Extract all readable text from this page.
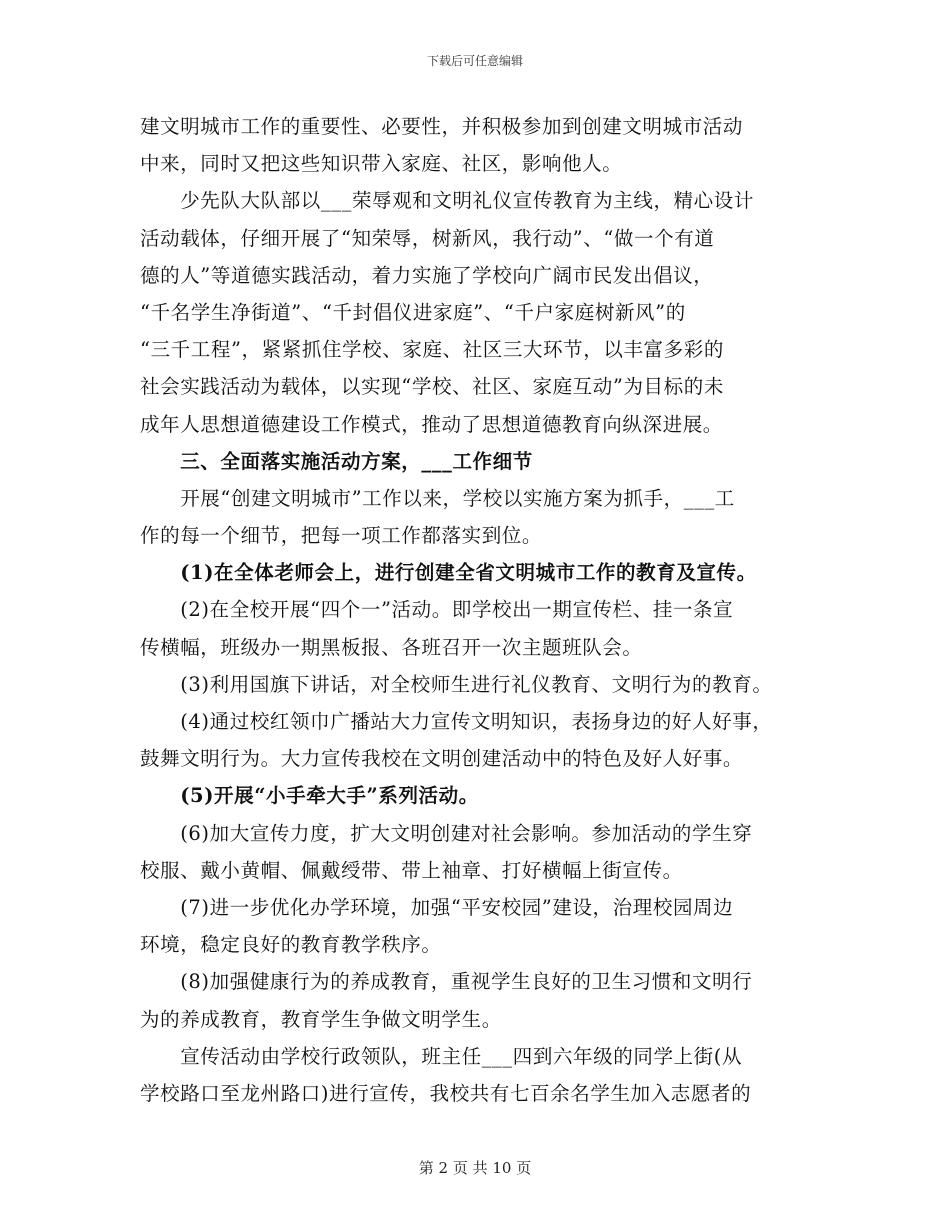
下载后可任意编辑
建文明城市工作的重要性、必要性，并积极参加到创建文明城市活动
中来，同时又把这些知识带入家庭、社区，影响他人。
　　少先队大队部以___荣辱观和文明礼仪宣传教育为主线，精心设计
活动载体，仔细开展了“知荣辱，树新风，我行动”、“做一个有道
德的人”等道德实践活动，着力实施了学校向广阔市民发出倡议，
“千名学生净街道”、“千封倡仪进家庭”、“千户家庭树新风”的
“三千工程”，紧紧抓住学校、家庭、社区三大环节，以丰富多彩的
社会实践活动为载体，以实现“学校、社区、家庭互动”为目标的未
成年人思想道德建设工作模式，推动了思想道德教育向纵深进展。
　　三、全面落实施活动方案，___工作细节
　　开展“创建文明城市”工作以来，学校以实施方案为抓手，___工
作的每一个细节，把每一项工作都落实到位。
　　(1)在全体老师会上，进行创建全省文明城市工作的教育及宣传。
　　(2)在全校开展“四个一”活动。即学校出一期宣传栏、挂一条宣
传横幅，班级办一期黑板报、各班召开一次主题班队会。
　　(3)利用国旗下讲话，对全校师生进行礼仪教育、文明行为的教育。
　　(4)通过校红领巾广播站大力宣传文明知识，表扬身边的好人好事，
鼓舞文明行为。大力宣传我校在文明创建活动中的特色及好人好事。
　　(5)开展“小手牵大手”系列活动。
　　(6)加大宣传力度，扩大文明创建对社会影响。参加活动的学生穿
校服、戴小黄帽、佩戴绶带、带上袖章、打好横幅上街宣传。
　　(7)进一步优化办学环境，加强“平安校园”建设，治理校园周边
环境，稳定良好的教育教学秩序。
　　(8)加强健康行为的养成教育，重视学生良好的卫生习惯和文明行
为的养成教育，教育学生争做文明学生。
　　宣传活动由学校行政领队，班主任___四到六年级的同学上街(从
学校路口至龙州路口)进行宣传，我校共有七百余名学生加入志愿者的
第 2 页 共 10 页
